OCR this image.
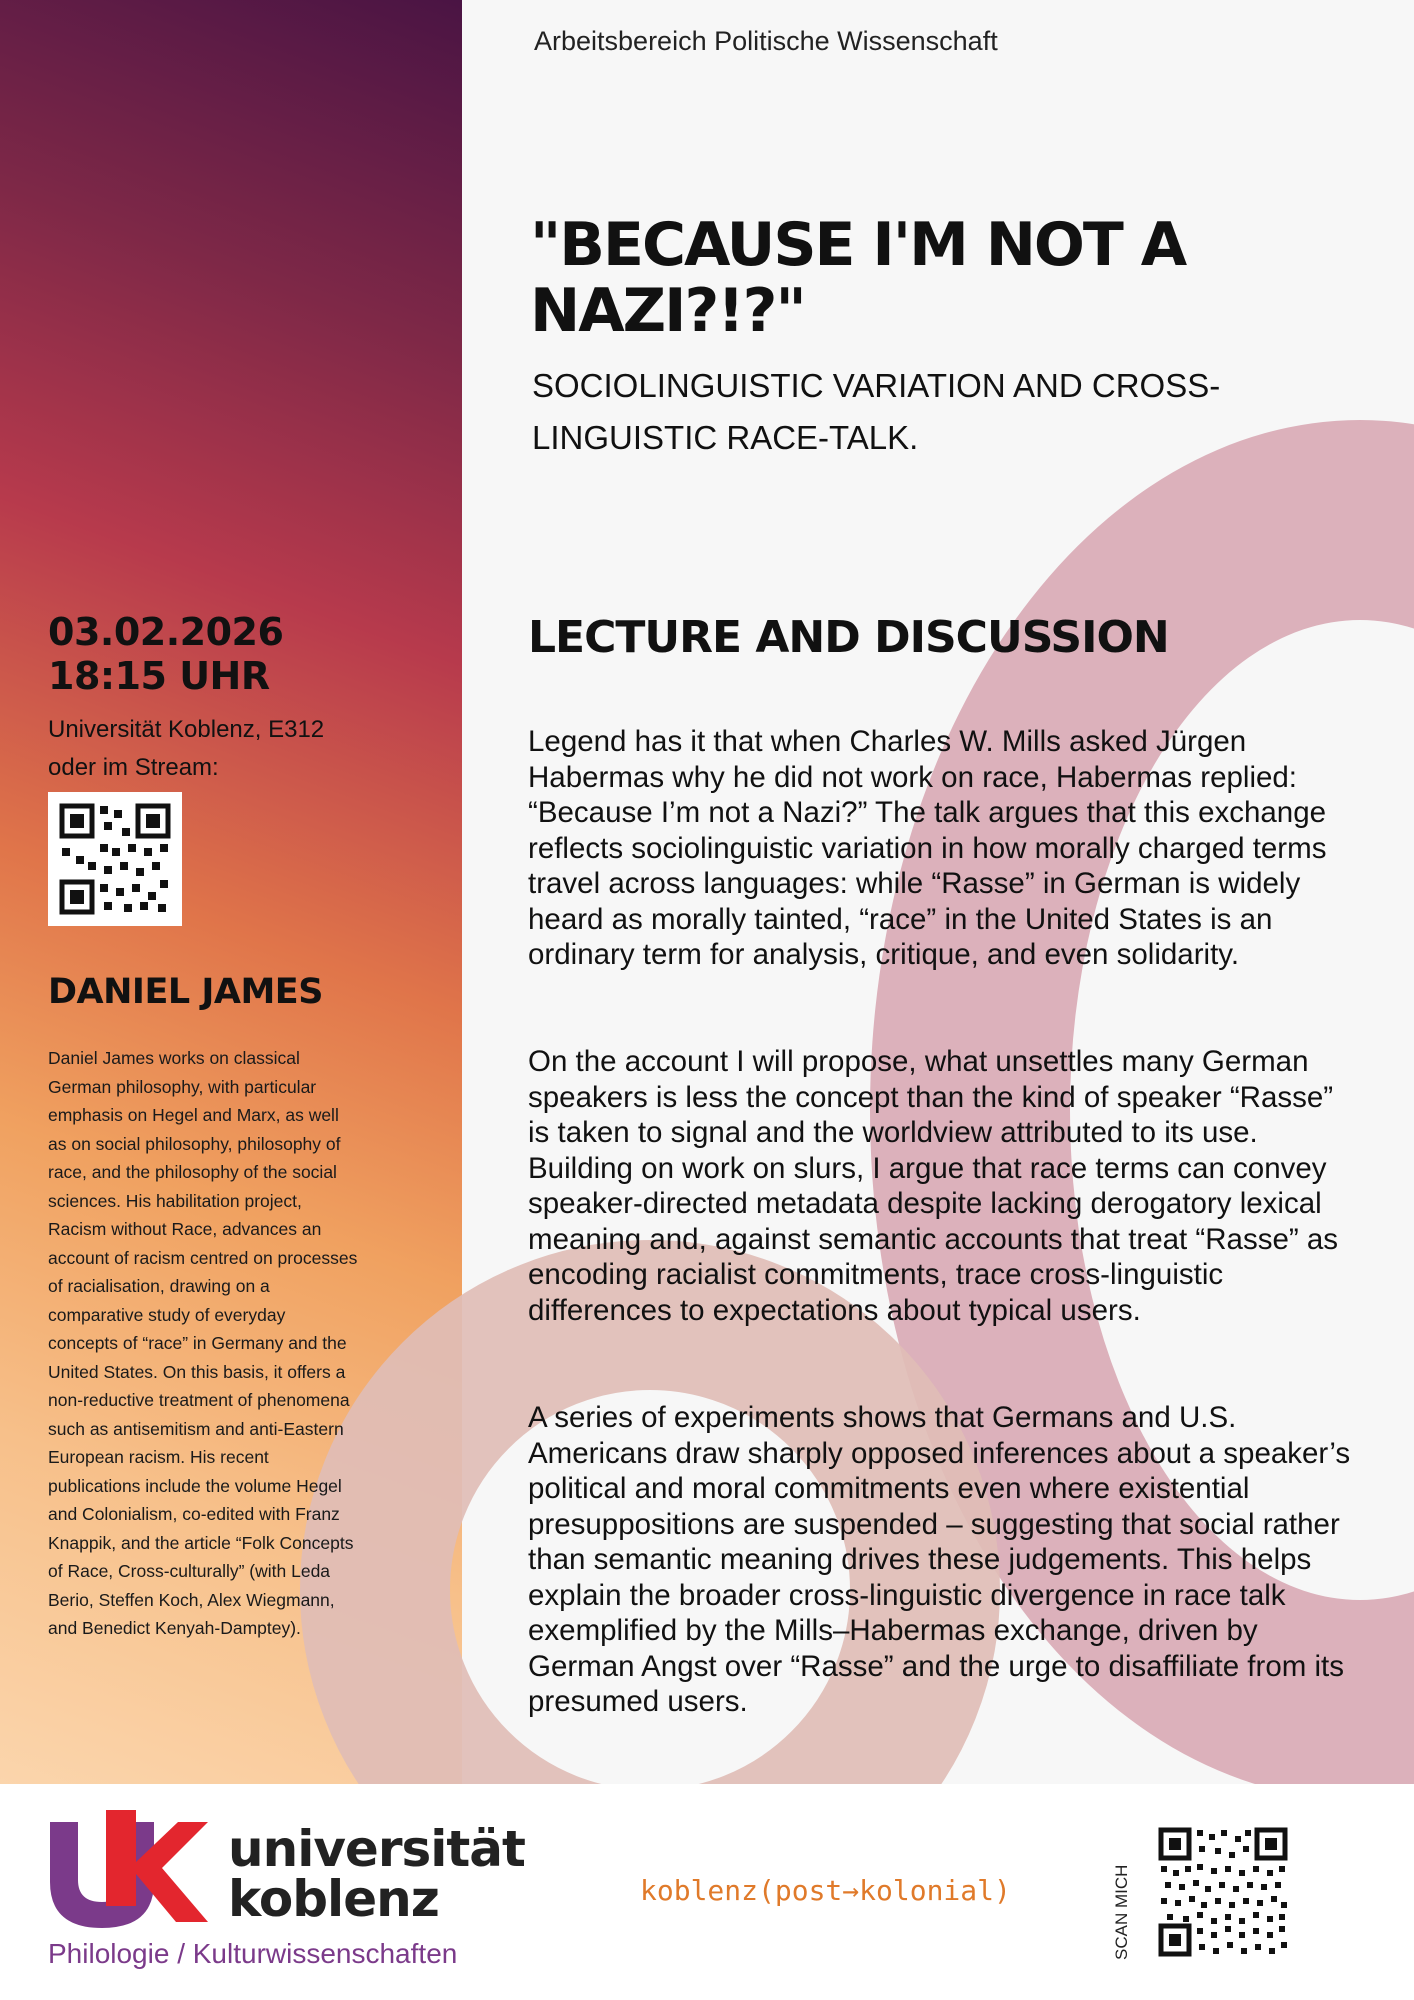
Arbeitsbereich Politische Wissenschaft
"BECAUSE I'M NOT A NAZI?!?"
SOCIOLINGUISTIC VARIATION AND CROSS-LINGUISTIC RACE-TALK.
03.02.2026
18:15 UHR
Universität Koblenz, E312
oder im Stream:
DANIEL JAMES
Daniel James works on classical German philosophy, with particular emphasis on Hegel and Marx, as well as on social philosophy, philosophy of race, and the philosophy of the social sciences. His habilitation project, Racism without Race, advances an account of racism centred on processes of racialisation, drawing on a comparative study of everyday concepts of “race” in Germany and the United States. On this basis, it offers a non-reductive treatment of phenomena such as antisemitism and anti-Eastern European racism. His recent publications include the volume Hegel and Colonialism, co-edited with Franz Knappik, and the article “Folk Concepts of Race, Cross-culturally” (with Leda Berio, Steffen Koch, Alex Wiegmann, and Benedict Kenyah-Damptey).
LECTURE AND DISCUSSION
Legend has it that when Charles W. Mills asked Jürgen Habermas why he did not work on race, Habermas replied: “Because I’m not a Nazi?” The talk argues that this exchange reflects sociolinguistic variation in how morally charged terms travel across languages: while “Rasse” in German is widely heard as morally tainted, “race” in the United States is an ordinary term for analysis, critique, and even solidarity.
On the account I will propose, what unsettles many German speakers is less the concept than the kind of speaker “Rasse” is taken to signal and the worldview attributed to its use. Building on work on slurs, I argue that race terms can convey speaker-directed metadata despite lacking derogatory lexical meaning and, against semantic accounts that treat “Rasse” as encoding racialist commitments, trace cross-linguistic differences to expectations about typical users.
A series of experiments shows that Germans and U.S. Americans draw sharply opposed inferences about a speaker’s political and moral commitments even where existential presuppositions are suspended – suggesting that social rather than semantic meaning drives these judgements. This helps explain the broader cross-linguistic divergence in race talk exemplified by the Mills–Habermas exchange, driven by German Angst over “Rasse” and the urge to disaffiliate from its presumed users.
universität
koblenz
Philologie / Kulturwissenschaften
koblenz(post→kolonial)	SCAN MICH
